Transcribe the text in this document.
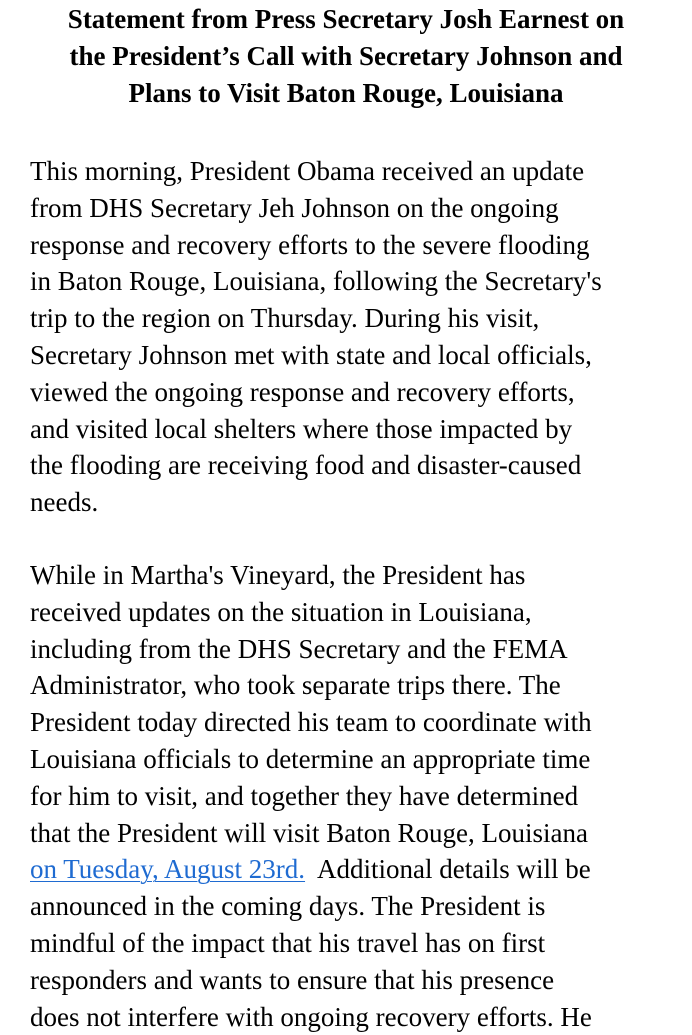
Statement from Press Secretary Josh Earnest on
the President’s Call with Secretary Johnson and
Plans to Visit Baton Rouge, Louisiana

This morning, President Obama received an update
from DHS Secretary Jeh Johnson on the ongoing
response and recovery efforts to the severe flooding
in Baton Rouge, Louisiana, following the Secretary's
trip to the region on Thursday. During his visit,
Secretary Johnson met with state and local officials,
viewed the ongoing response and recovery efforts,
and visited local shelters where those impacted by
the flooding are receiving food and disaster-caused
needs.

While in Martha's Vineyard, the President has
received updates on the situation in Louisiana,
including from the DHS Secretary and the FEMA
Administrator, who took separate trips there. The
President today directed his team to coordinate with
Louisiana officials to determine an appropriate time
for him to visit, and together they have determined
that the President will visit Baton Rouge, Louisiana
on Tuesday, August 23rd.  Additional details will be
announced in the coming days. The President is
mindful of the impact that his travel has on first
responders and wants to ensure that his presence
does not interfere with ongoing recovery efforts. He
